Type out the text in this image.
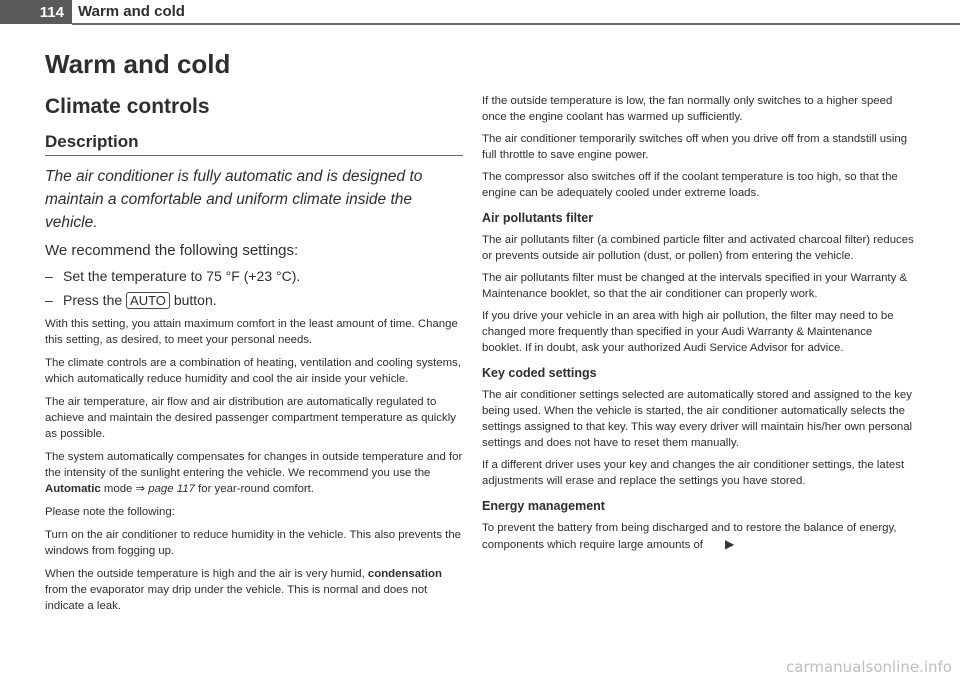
114 Warm and cold
Warm and cold
Climate controls
Description

The air conditioner is fully automatic and is designed to maintain a comfortable and uniform climate inside the vehicle.

We recommend the following settings:

– Set the temperature to 75 °F (+23 °C).

– Press the AUTO button.

With this setting, you attain maximum comfort in the least amount of time. Change this setting, as desired, to meet your personal needs.

The climate controls are a combination of heating, ventilation and cooling systems, which automatically reduce humidity and cool the air inside your vehicle.

The air temperature, air flow and air distribution are automatically regulated to achieve and maintain the desired passenger compartment temperature as quickly as possible.

The system automatically compensates for changes in outside temperature and for the intensity of the sunlight entering the vehicle. We recommend you use the Automatic mode ⇒ page 117 for year-round comfort.

Please note the following:

Turn on the air conditioner to reduce humidity in the vehicle. This also prevents the windows from fogging up.

When the outside temperature is high and the air is very humid, condensation from the evaporator may drip under the vehicle. This is normal and does not indicate a leak.

If the outside temperature is low, the fan normally only switches to a higher speed once the engine coolant has warmed up sufficiently.

The air conditioner temporarily switches off when you drive off from a standstill using full throttle to save engine power.

The compressor also switches off if the coolant temperature is too high, so that the engine can be adequately cooled under extreme loads.

Air pollutants filter

The air pollutants filter (a combined particle filter and activated charcoal filter) reduces or prevents outside air pollution (dust, or pollen) from entering the vehicle.

The air pollutants filter must be changed at the intervals specified in your Warranty & Maintenance booklet, so that the air conditioner can properly work.

If you drive your vehicle in an area with high air pollution, the filter may need to be changed more frequently than specified in your Audi Warranty & Maintenance booklet. If in doubt, ask your authorized Audi Service Advisor for advice.

Key coded settings

The air conditioner settings selected are automatically stored and assigned to the key being used. When the vehicle is started, the air conditioner automatically selects the settings assigned to that key. This way every driver will maintain his/her own personal settings and does not have to reset them manually.

If a different driver uses your key and changes the air conditioner settings, the latest adjustments will erase and replace the settings you have stored.

Energy management

To prevent the battery from being discharged and to restore the balance of energy, components which require large amounts of ▶

carmanualsonline.info
